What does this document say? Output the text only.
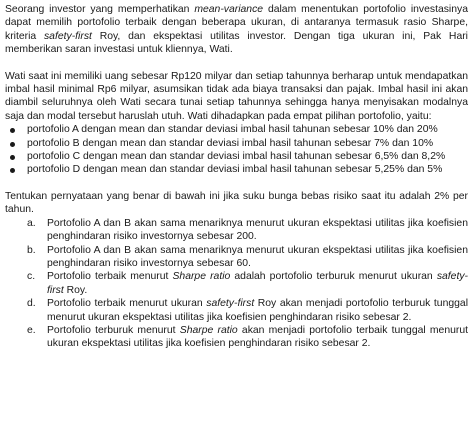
Seorang investor yang memperhatikan mean-variance dalam menentukan portofolio investasinya dapat memilih portofolio terbaik dengan beberapa ukuran, di antaranya termasuk rasio Sharpe, kriteria safety-first Roy, dan ekspektasi utilitas investor. Dengan tiga ukuran ini, Pak Hari memberikan saran investasi untuk kliennya, Wati.

Wati saat ini memiliki uang sebesar Rp120 milyar dan setiap tahunnya berharap untuk mendapatkan imbal hasil minimal Rp6 milyar, asumsikan tidak ada biaya transaksi dan pajak. Imbal hasil ini akan diambil seluruhnya oleh Wati secara tunai setiap tahunnya sehingga hanya menyisakan modalnya saja dan modal tersebut haruslah utuh. Wati dihadapkan pada empat pilihan portofolio, yaitu:

portofolio A dengan mean dan standar deviasi imbal hasil tahunan sebesar 10% dan 20%
portofolio B dengan mean dan standar deviasi imbal hasil tahunan sebesar 7% dan 10%
portofolio C dengan mean dan standar deviasi imbal hasil tahunan sebesar 6,5% dan 8,2%
portofolio D dengan mean dan standar deviasi imbal hasil tahunan sebesar 5,25% dan 5%

Tentukan pernyataan yang benar di bawah ini jika suku bunga bebas risiko saat itu adalah 2% per tahun.

a. Portofolio A dan B akan sama menariknya menurut ukuran ekspektasi utilitas jika koefisien penghindaran risiko investornya sebesar 200.
b. Portofolio A dan B akan sama menariknya menurut ukuran ekspektasi utilitas jika koefisien penghindaran risiko investornya sebesar 60.
c. Portofolio terbaik menurut Sharpe ratio adalah portofolio terburuk menurut ukuran safety-first Roy.
d. Portofolio terbaik menurut ukuran safety-first Roy akan menjadi portofolio terburuk tunggal menurut ukuran ekspektasi utilitas jika koefisien penghindaran risiko sebesar 2.
e. Portofolio terburuk menurut Sharpe ratio akan menjadi portofolio terbaik tunggal menurut ukuran ekspektasi utilitas jika koefisien penghindaran risiko sebesar 2.
